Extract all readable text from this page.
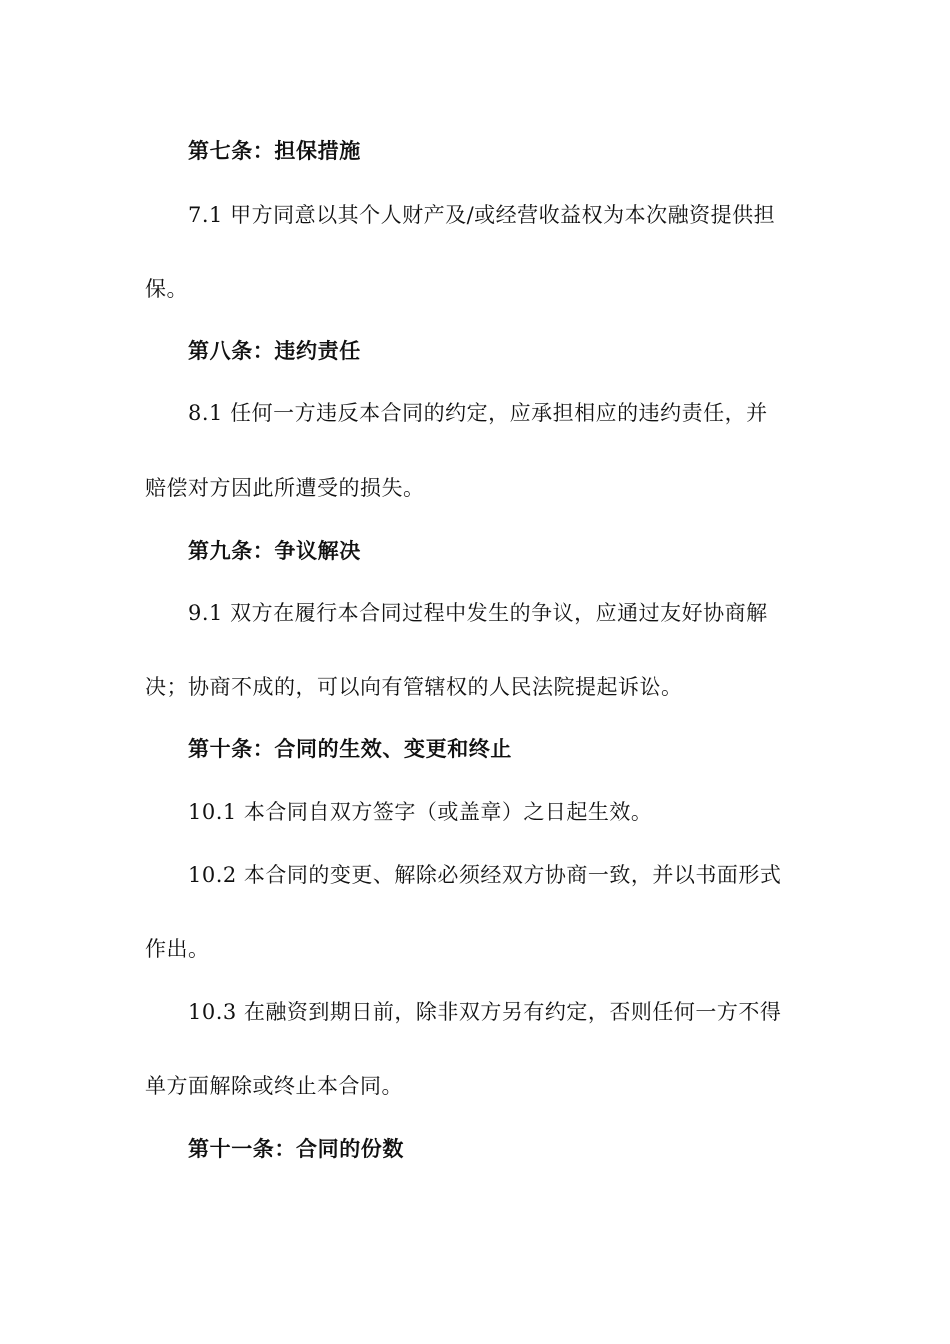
第七条：担保措施
7.1 甲方同意以其个人财产及/或经营收益权为本次融资提供担
保。
第八条：违约责任
8.1 任何一方违反本合同的约定，应承担相应的违约责任，并
赔偿对方因此所遭受的损失。
第九条：争议解决
9.1 双方在履行本合同过程中发生的争议，应通过友好协商解
决；协商不成的，可以向有管辖权的人民法院提起诉讼。
第十条：合同的生效、变更和终止
10.1 本合同自双方签字（或盖章）之日起生效。
10.2 本合同的变更、解除必须经双方协商一致，并以书面形式
作出。
10.3 在融资到期日前，除非双方另有约定，否则任何一方不得
单方面解除或终止本合同。
第十一条：合同的份数
